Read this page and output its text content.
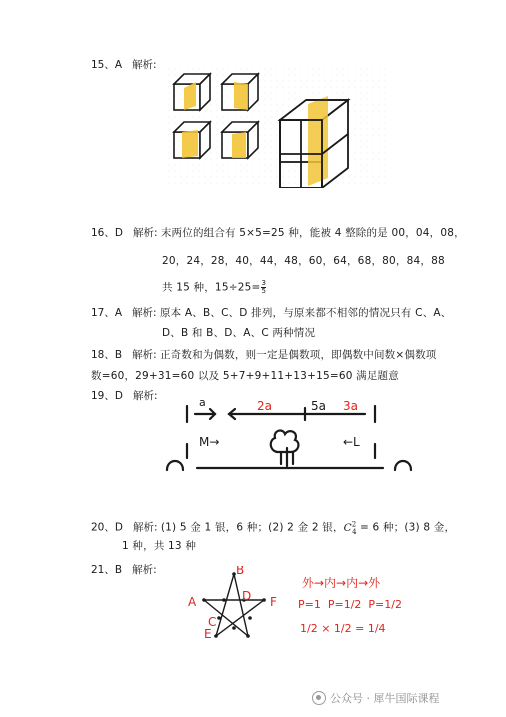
15、A 解析:
16、D 解析: 末两位的组合有 5×5=25 种，能被 4 整除的是 00，04，08，
20，24，28，40，44，48，60，64，68，80，84，88
共 15 种，$15\div 25= \frac{3}{5}$
17、A 解析: 原本 A、B、C、D 排列，与原来都不相邻的情况只有 C、A、
D、B 和 B、D、A、C 两种情况
18、B 解析: 正奇数和为偶数，则一定是偶数项，即偶数中间数×偶数项
数=60，29+31=60 以及 5+7+9+11+13+15=60 满足题意
19、D 解析:	a	2a	5a 3a
M→	←L
20、D 解析: (1) 5 金 1 银，6 种；(2) 2 金 2 银，$C^2_4 = 6$ 种；(3) 8 金，
1 种，共 13 种
21、B 解析:
A
B
C
D
E
F
外→内→内→外
P=1 P=1/2 P=1/2
1/2 × 1/2 = 1/4
公众号 · 犀牛国际课程
